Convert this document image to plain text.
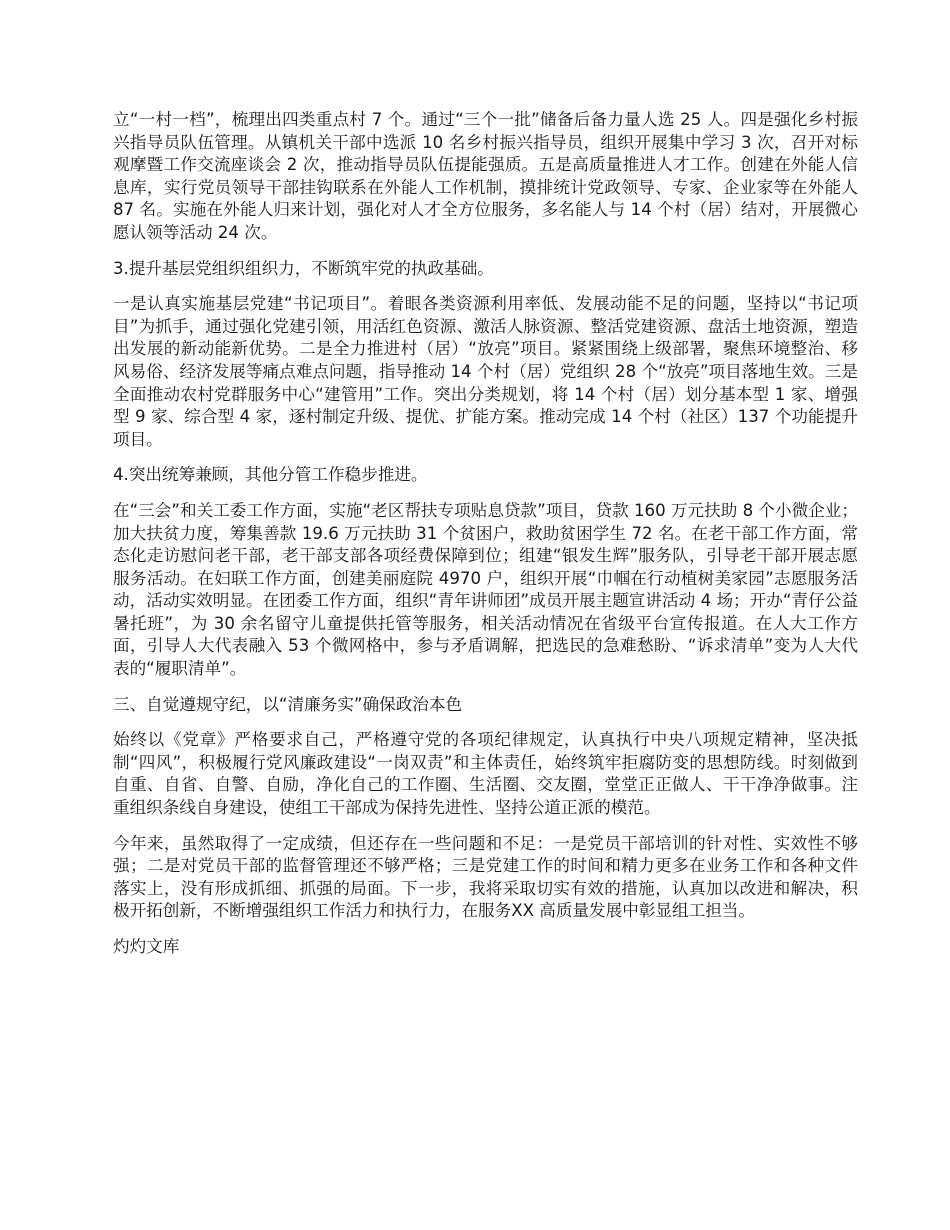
立“一村一档”，梳理出四类重点村 7 个。通过“三个一批”储备后备力量人选 25 人。四是强化乡村振兴指导员队伍管理。从镇机关干部中选派 10 名乡村振兴指导员，组织开展集中学习 3 次，召开对标观摩暨工作交流座谈会 2 次，推动指导员队伍提能强质。五是高质量推进人才工作。创建在外能人信息库，实行党员领导干部挂钩联系在外能人工作机制，摸排统计党政领导、专家、企业家等在外能人 87 名。实施在外能人归来计划，强化对人才全方位服务，多名能人与 14 个村（居）结对，开展微心愿认领等活动 24 次。

3.提升基层党组织组织力，不断筑牢党的执政基础。

一是认真实施基层党建“书记项目”。着眼各类资源利用率低、发展动能不足的问题，坚持以“书记项目”为抓手，通过强化党建引领，用活红色资源、激活人脉资源、整活党建资源、盘活土地资源，塑造出发展的新动能新优势。二是全力推进村（居）“放亮”项目。紧紧围绕上级部署，聚焦环境整治、移风易俗、经济发展等痛点难点问题，指导推动 14 个村（居）党组织 28 个“放亮”项目落地生效。三是全面推动农村党群服务中心“建管用”工作。突出分类规划，将 14 个村（居）划分基本型 1 家、增强型 9 家、综合型 4 家，逐村制定升级、提优、扩能方案。推动完成 14 个村（社区）137 个功能提升项目。

4.突出统筹兼顾，其他分管工作稳步推进。

在“三会”和关工委工作方面，实施“老区帮扶专项贴息贷款”项目，贷款 160 万元扶助 8 个小微企业；加大扶贫力度，筹集善款 19.6 万元扶助 31 个贫困户，救助贫困学生 72 名。在老干部工作方面，常态化走访慰问老干部，老干部支部各项经费保障到位；组建“银发生辉”服务队，引导老干部开展志愿服务活动。在妇联工作方面，创建美丽庭院 4970 户，组织开展“巾帼在行动植树美家园”志愿服务活动，活动实效明显。在团委工作方面，组织“青年讲师团”成员开展主题宣讲活动 4 场；开办“青仔公益暑托班”，为 30 余名留守儿童提供托管等服务，相关活动情况在省级平台宣传报道。在人大工作方面，引导人大代表融入 53 个微网格中，参与矛盾调解，把选民的急难愁盼、“诉求清单”变为人大代表的“履职清单”。

三、自觉遵规守纪，以“清廉务实”确保政治本色

始终以《党章》严格要求自己，严格遵守党的各项纪律规定，认真执行中央八项规定精神，坚决抵制“四风”，积极履行党风廉政建设“一岗双责”和主体责任，始终筑牢拒腐防变的思想防线。时刻做到自重、自省、自警、自励，净化自己的工作圈、生活圈、交友圈，堂堂正正做人、干干净净做事。注重组织条线自身建设，使组工干部成为保持先进性、坚持公道正派的模范。

今年来，虽然取得了一定成绩，但还存在一些问题和不足：一是党员干部培训的针对性、实效性不够强；二是对党员干部的监督管理还不够严格；三是党建工作的时间和精力更多在业务工作和各种文件落实上，没有形成抓细、抓强的局面。下一步，我将采取切实有效的措施，认真加以改进和解决，积极开拓创新，不断增强组织工作活力和执行力，在服务XX 高质量发展中彰显组工担当。

灼灼文库
